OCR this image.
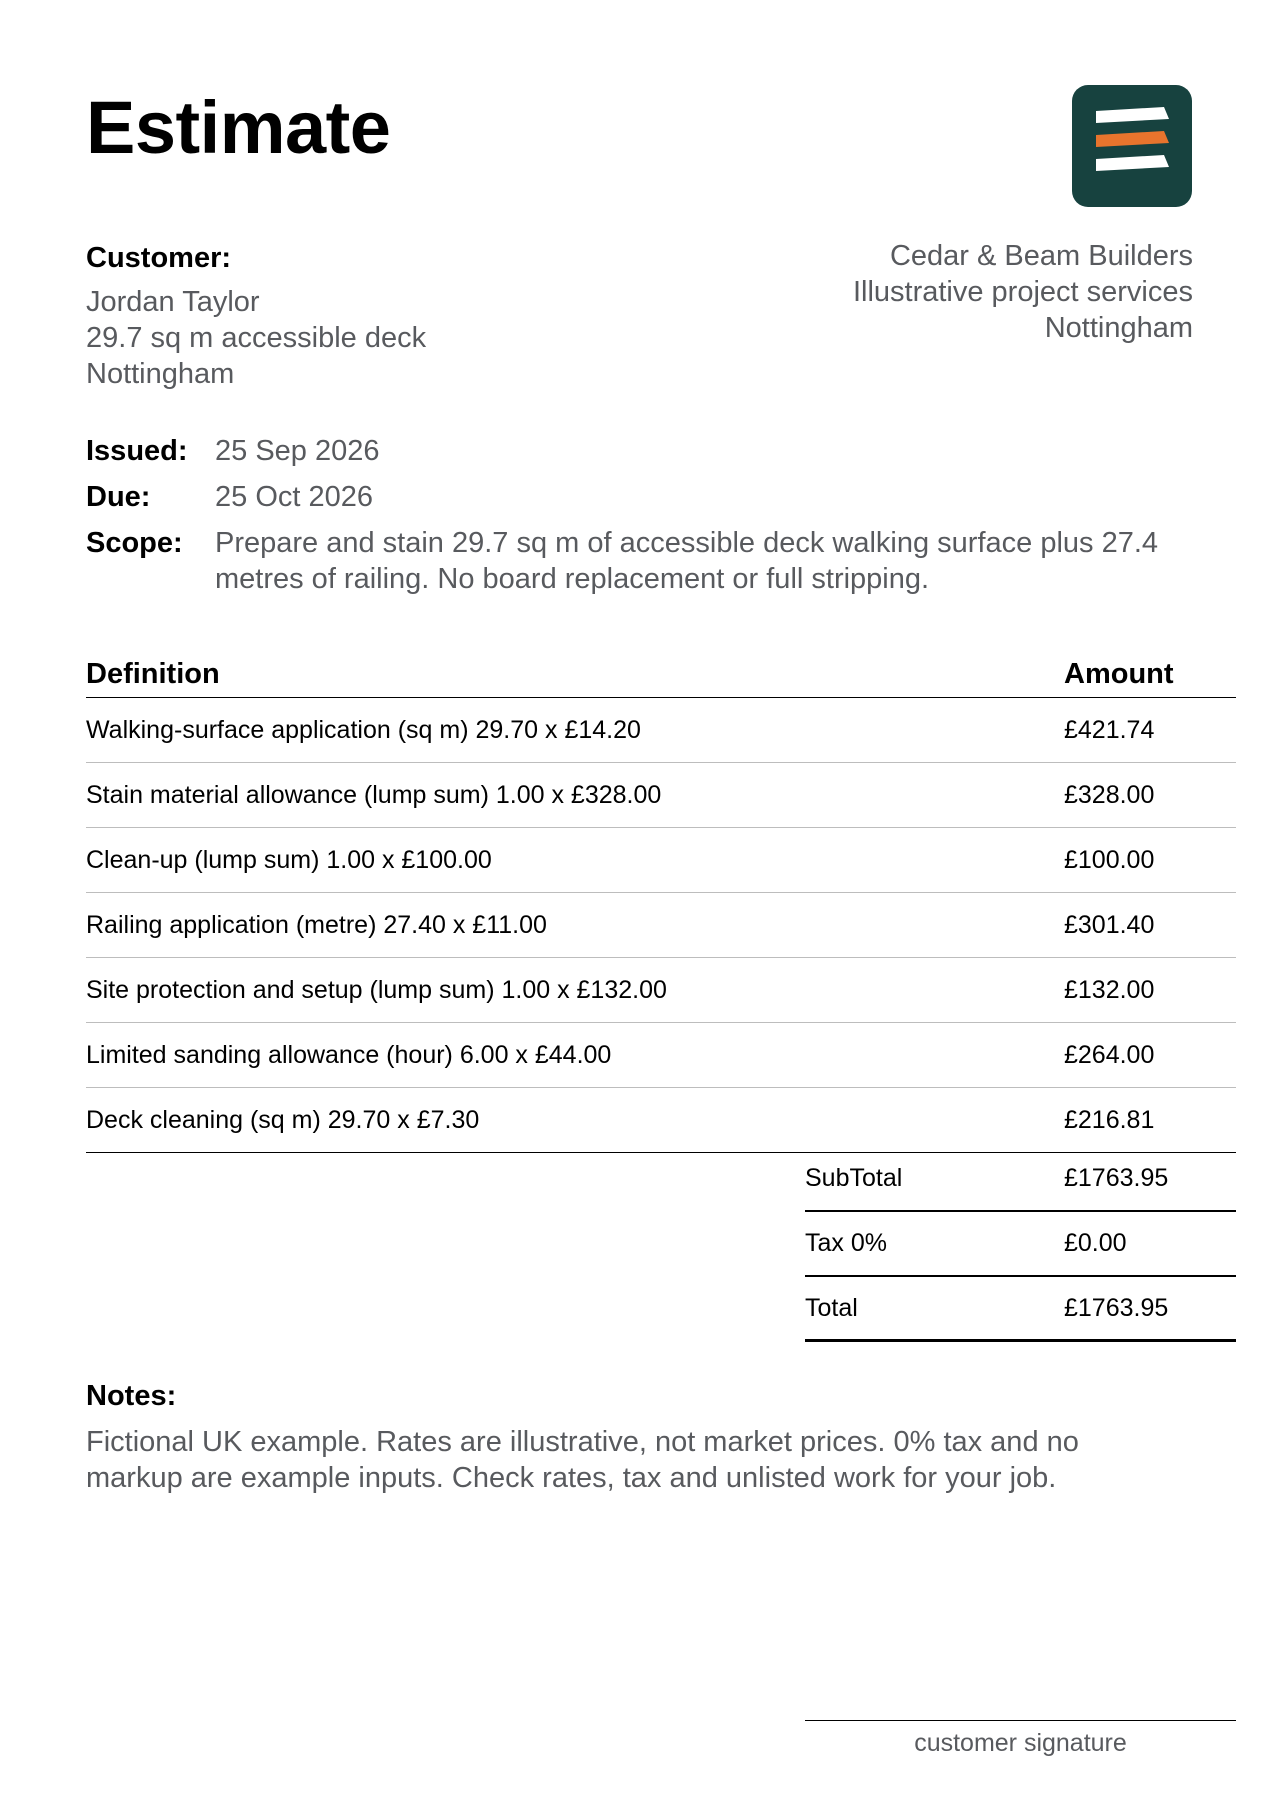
Estimate
Customer:
Jordan Taylor
29.7 sq m accessible deck
Nottingham
Cedar & Beam Builders
Illustrative project services
Nottingham
Issued: 25 Sep 2026
Due:	25 Oct 2026
Scope:	Prepare and stain 29.7 sq m of accessible deck walking surface plus 27.4 metres of railing. No board replacement or full stripping.
Definition	Amount
Walking-surface application (sq m) 29.70 x £14.20	£421.74
Stain material allowance (lump sum) 1.00 x £328.00	£328.00
Clean-up (lump sum) 1.00 x £100.00	£100.00
Railing application (metre) 27.40 x £11.00	£301.40
Site protection and setup (lump sum) 1.00 x £132.00	£132.00
Limited sanding allowance (hour) 6.00 x £44.00	£264.00
Deck cleaning (sq m) 29.70 x £7.30	£216.81
SubTotal	£1763.95
Tax 0%	£0.00
Total	£1763.95
Notes:
Fictional UK example. Rates are illustrative, not market prices. 0% tax and no
markup are example inputs. Check rates, tax and unlisted work for your job.
customer signature
